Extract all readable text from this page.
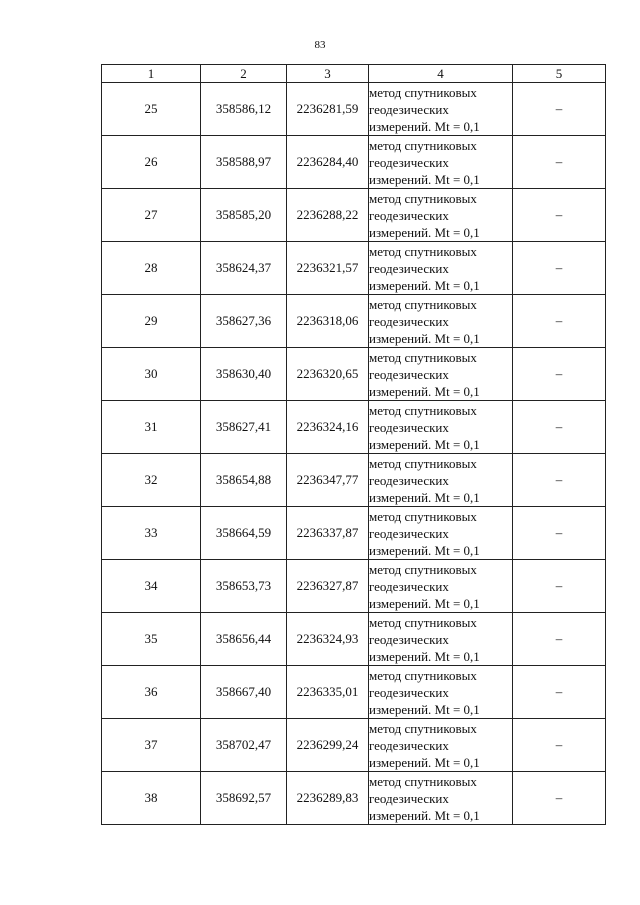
83
1	2	3	4	5
25	358586,12	2236281,59	метод спутниковых
геодезических
измерений. Mt = 0,1	–
26	358588,97	2236284,40	метод спутниковых
геодезических
измерений. Mt = 0,1	–
27	358585,20	2236288,22	метод спутниковых
геодезических
измерений. Mt = 0,1	–
28	358624,37	2236321,57	метод спутниковых
геодезических
измерений. Mt = 0,1	–
29	358627,36	2236318,06	метод спутниковых
геодезических
измерений. Mt = 0,1	–
30	358630,40	2236320,65	метод спутниковых
геодезических
измерений. Mt = 0,1	–
31	358627,41	2236324,16	метод спутниковых
геодезических
измерений. Mt = 0,1	–
32	358654,88	2236347,77	метод спутниковых
геодезических
измерений. Mt = 0,1	–
33	358664,59	2236337,87	метод спутниковых
геодезических
измерений. Mt = 0,1	–
34	358653,73	2236327,87	метод спутниковых
геодезических
измерений. Mt = 0,1	–
35	358656,44	2236324,93	метод спутниковых
геодезических
измерений. Mt = 0,1	–
36	358667,40	2236335,01	метод спутниковых
геодезических
измерений. Mt = 0,1	–
37	358702,47	2236299,24	метод спутниковых
геодезических
измерений. Mt = 0,1	–
38	358692,57	2236289,83	метод спутниковых
геодезических
измерений. Mt = 0,1	–
